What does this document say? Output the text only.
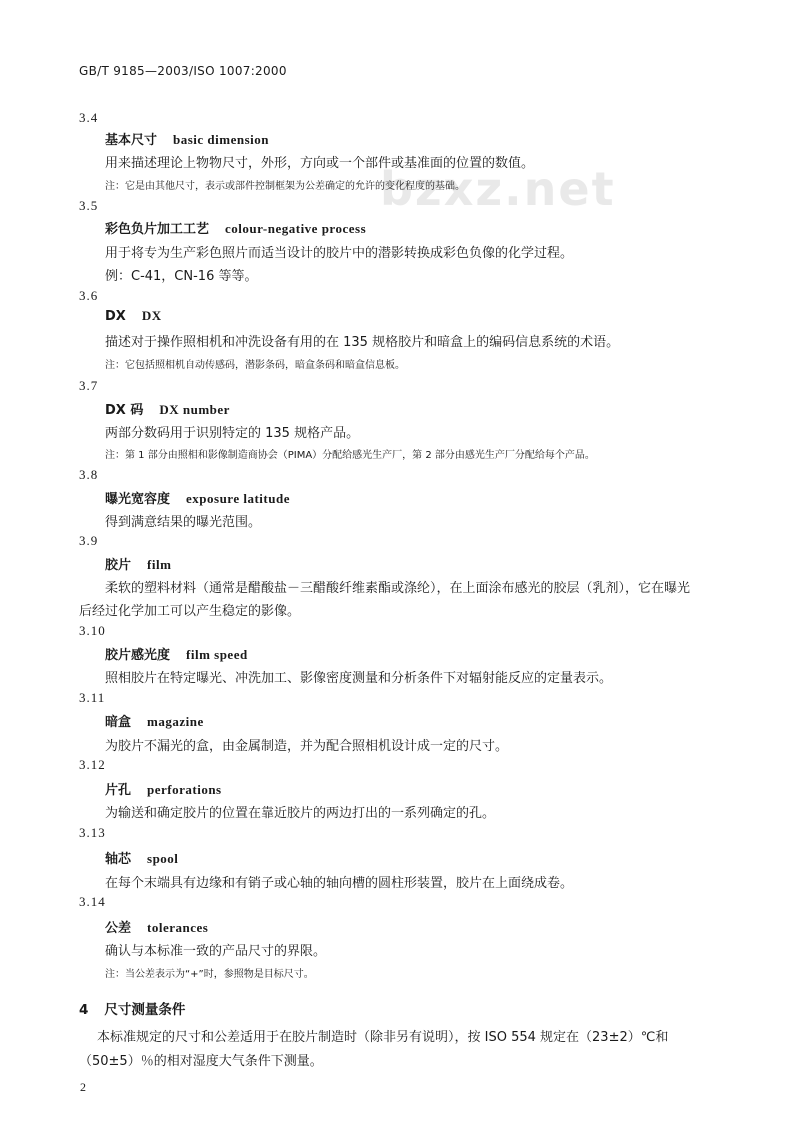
GB/T 9185—2003/ISO 1007:2000
bzxz.net
3.4
基本尺寸 basic dimension
用来描述理论上物物尺寸，外形，方向或一个部件或基准面的位置的数值。
注：它是由其他尺寸，表示或部件控制框架为公差确定的允许的变化程度的基础。
3.5
彩色负片加工工艺 colour-negative process
用于将专为生产彩色照片而适当设计的胶片中的潜影转换成彩色负像的化学过程。
例：C-41，CN-16 等等。
3.6
DX DX
描述对于操作照相机和冲洗设备有用的在 135 规格胶片和暗盒上的编码信息系统的术语。
注：它包括照相机自动传感码，潜影条码，暗盒条码和暗盒信息板。
3.7
DX 码 DX number
两部分数码用于识别特定的 135 规格产品。
注：第 1 部分由照相和影像制造商协会（PIMA）分配给感光生产厂，第 2 部分由感光生产厂分配给每个产品。
3.8
曝光宽容度 exposure latitude
得到满意结果的曝光范围。
3.9
胶片 film
柔软的塑料材料（通常是醋酸盐－三醋酸纤维素酯或涤纶），在上面涂布感光的胶层（乳剂），它在曝光
后经过化学加工可以产生稳定的影像。
3.10
胶片感光度 film speed
照相胶片在特定曝光、冲洗加工、影像密度测量和分析条件下对辐射能反应的定量表示。
3.11
暗盒 magazine
为胶片不漏光的盒，由金属制造，并为配合照相机设计成一定的尺寸。
3.12
片孔 perforations
为输送和确定胶片的位置在靠近胶片的两边打出的一系列确定的孔。
3.13
轴芯 spool
在每个末端具有边缘和有销子或心轴的轴向槽的圆柱形装置，胶片在上面绕成卷。
3.14
公差 tolerances
确认与本标准一致的产品尺寸的界限。
注：当公差表示为“+”时，参照物是目标尺寸。
4 尺寸测量条件
本标准规定的尺寸和公差适用于在胶片制造时（除非另有说明），按 ISO 554 规定在（23±2）℃和
（50±5）％的相对湿度大气条件下测量。
2
